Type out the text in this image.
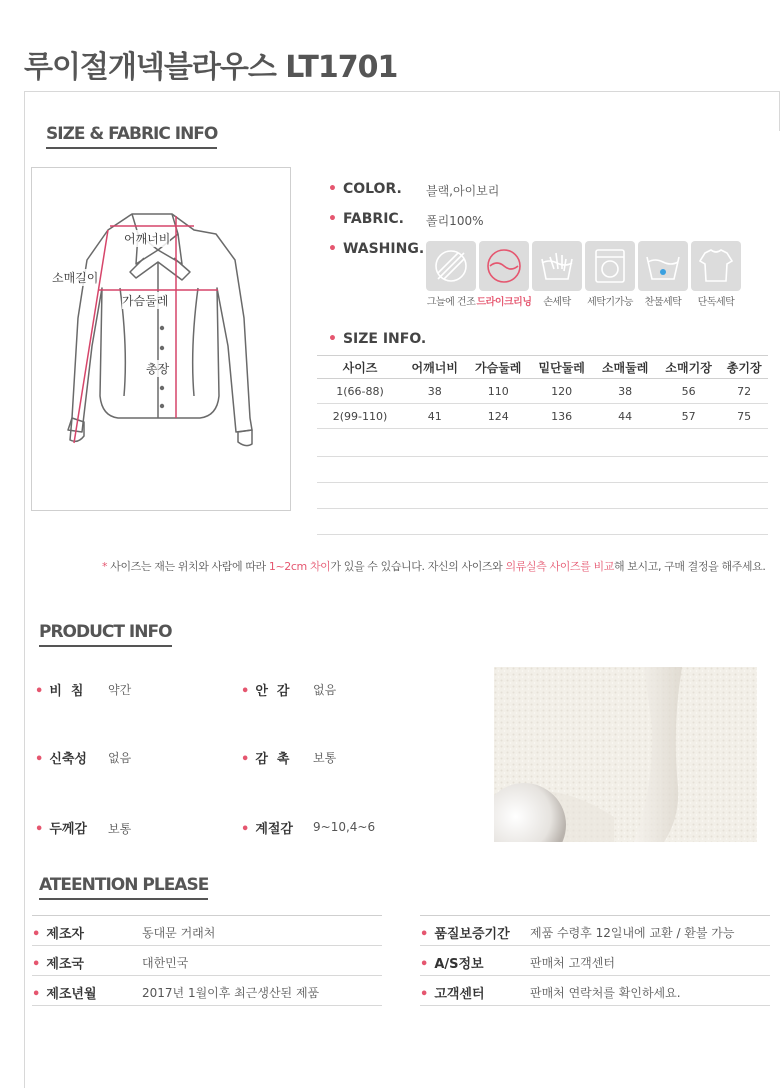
루이절개넥블라우스 LT1701
SIZE & FABRIC INFO
어깨너비
소매길이
가슴둘레
총장
• COLOR. 블랙,아이보리
• FABRIC. 폴리100%
• WASHING.
그늘에 건조 드라이크리닝	손세탁	세탁기가능	찬물세탁	단독세탁
• SIZE INFO.
사이즈	어깨너비	가슴둘레	밑단둘레	소매둘레	소매기장	총기장
1(66-88)	38	110	120	38	56	72
2(99-110)	41	124	136	44	57	75
* 사이즈는 재는 위치와 사람에 따라 1~2cm 차이가 있을 수 있습니다. 자신의 사이즈와 의류실측 사이즈를 비교해 보시고, 구매 결정을 해주세요.
PRODUCT INFO
• 비  침 약간	• 안  감 없음
• 신축성 없음	• 감  촉 보통
• 두께감 보통	• 계절감 9~10,4~6
ATEENTION PLEASE
• 제조자	동대문 거래처
• 제조국	대한민국
• 제조년월	2017년 1월이후 최근생산된 제품
• 품질보증기간 제품 수령후 12일내에 교환 / 환불 가능
• A/S정보	판매처 고객센터
• 고객센터	판매처 연락처를 확인하세요.
